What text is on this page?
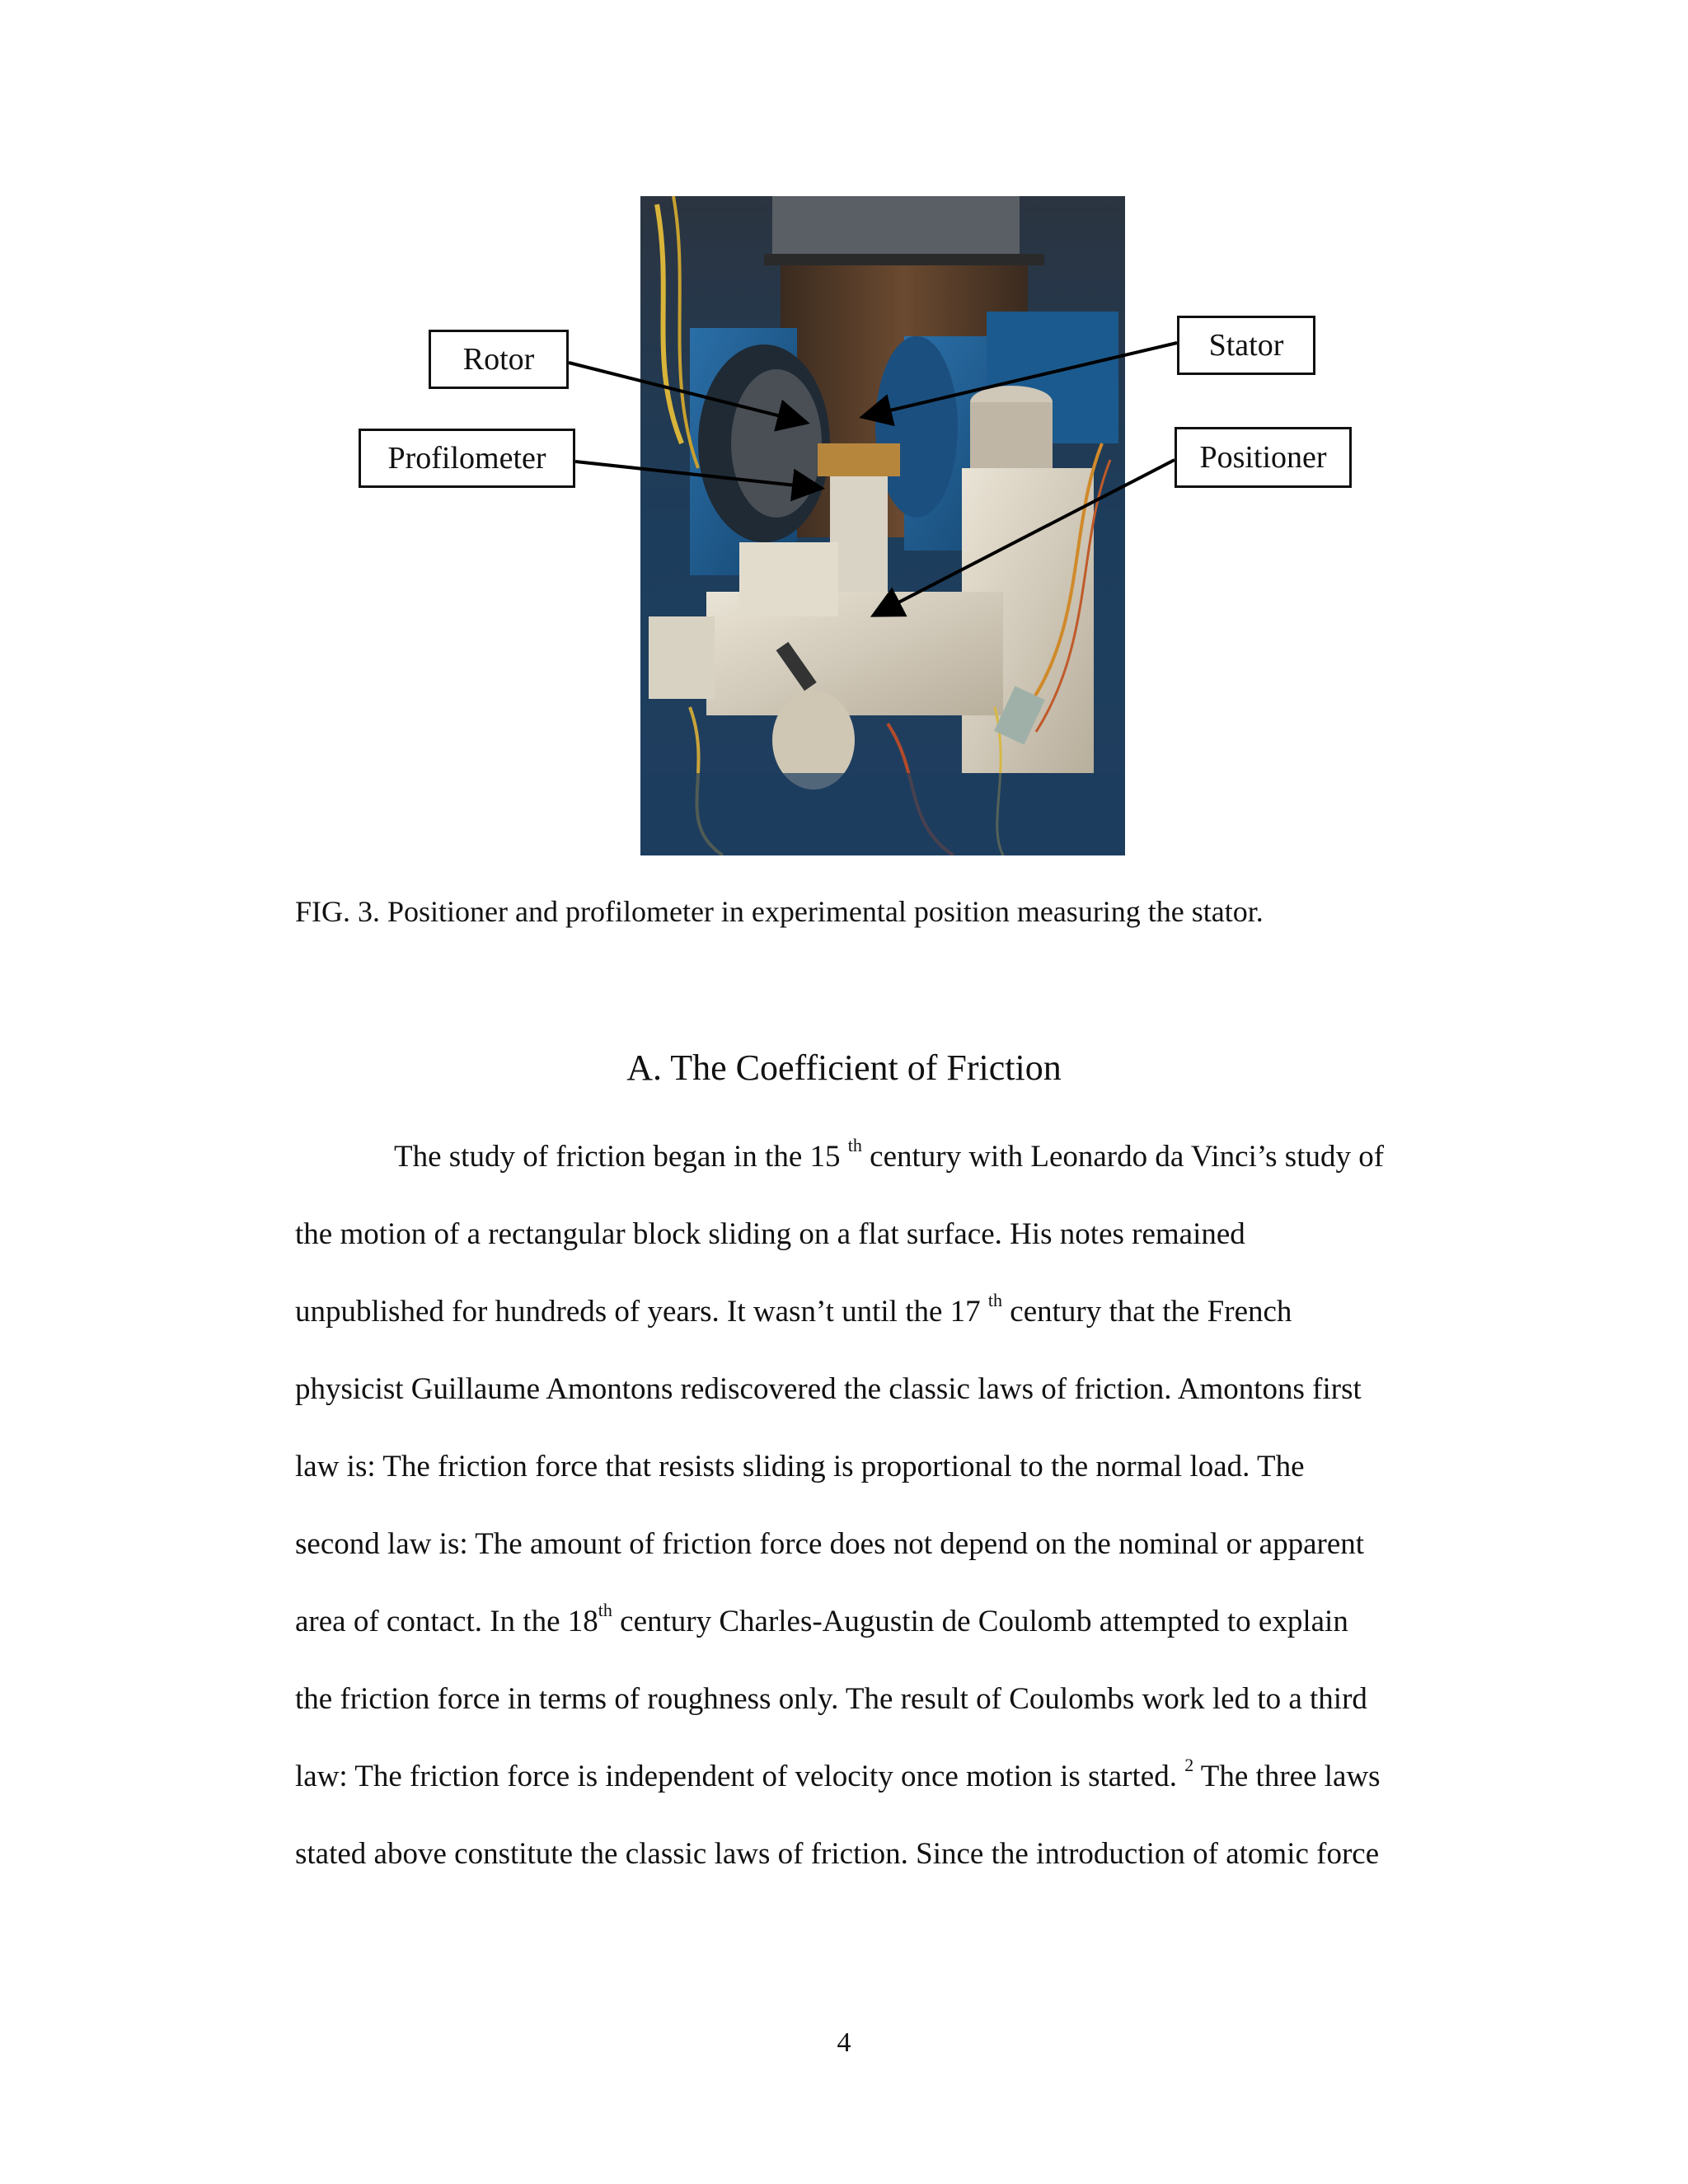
Rotor	Stator
Profilometer	Positioner
FIG. 3. Positioner and profilometer in experimental position measuring the stator.
A. The Coefficient of Friction
The study of friction began in the 15 $^{th}$ century with Leonardo da Vinci’s study of
the motion of a rectangular block sliding on a flat surface. His notes remained
unpublished for hundreds of years. It wasn’t until the 17 $^{th}$ century that the French
physicist Guillaume Amontons rediscovered the classic laws of friction. Amontons first
law is: The friction force that resists sliding is proportional to the normal load. The
second law is: The amount of friction force does not depend on the nominal or apparent
area of contact. In the 18th century Charles-Augustin de Coulomb attempted to explain
the friction force in terms of roughness only. The result of Coulombs work led to a third
law: The friction force is independent of velocity once motion is started. $^2$ The three laws
stated above constitute the classic laws of friction. Since the introduction of atomic force
4
